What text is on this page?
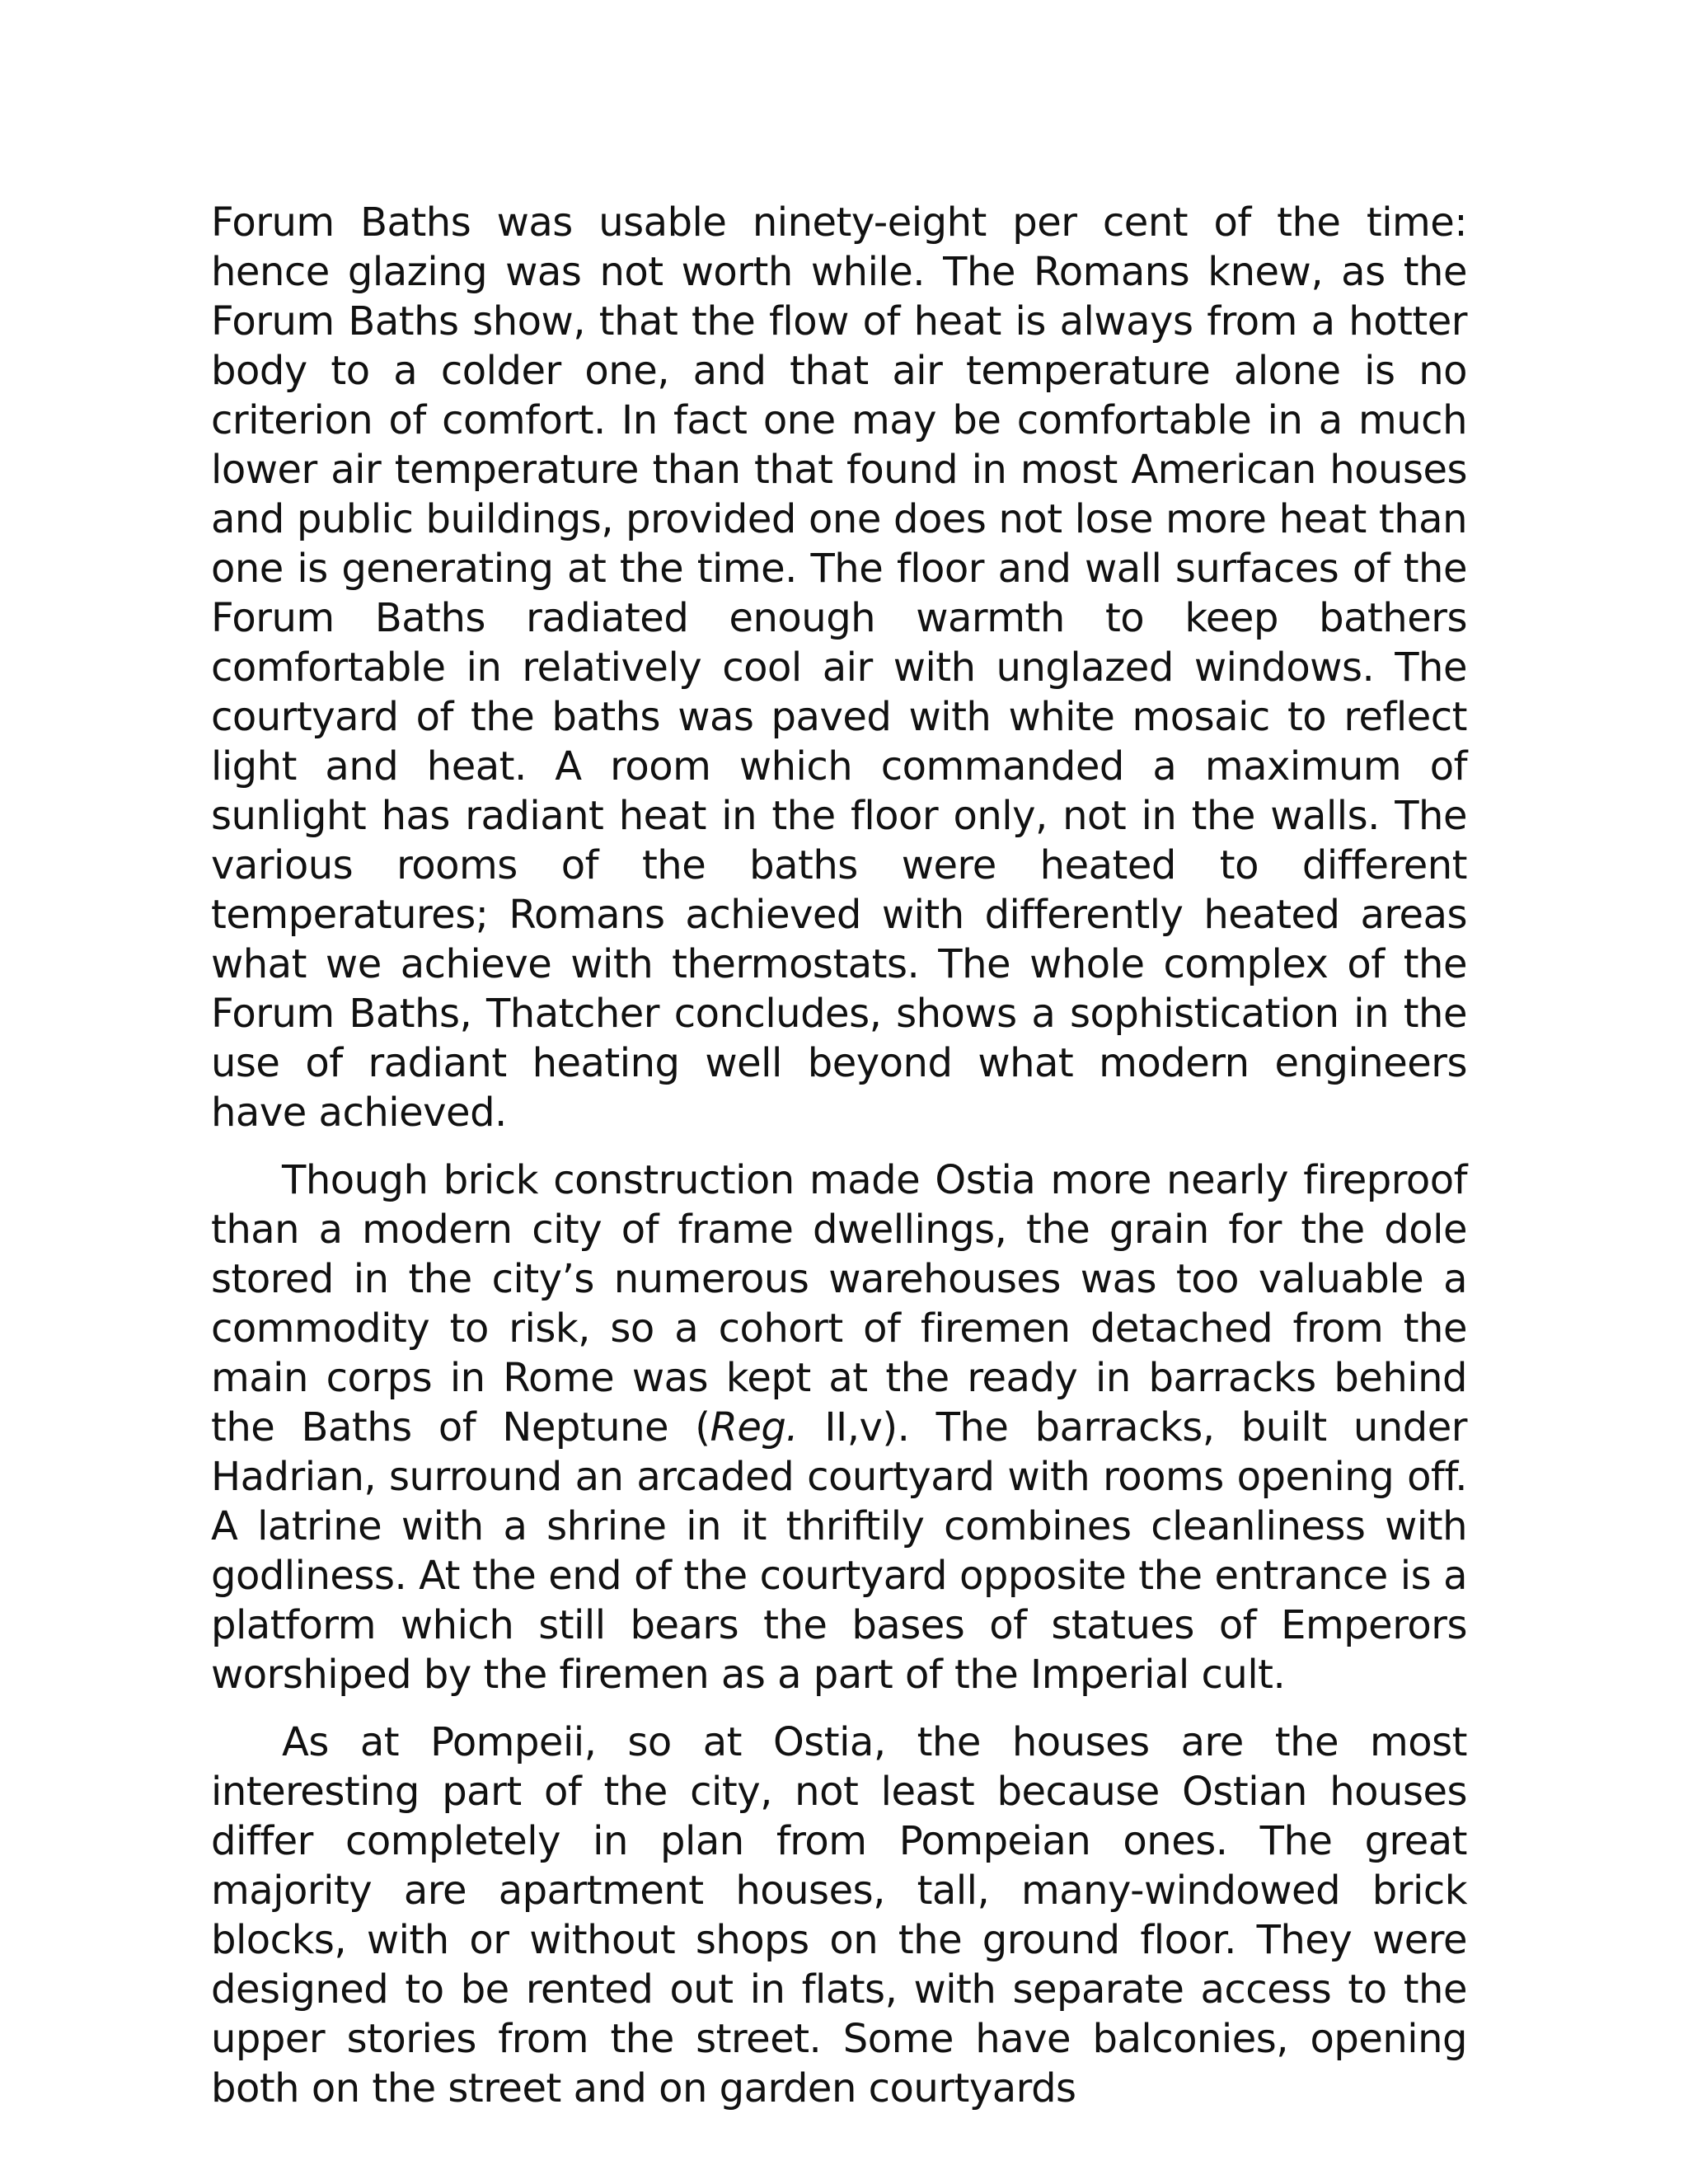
Forum Baths was usable ninety-eight per cent of the time: hence glazing was not worth while. The Romans knew, as the Forum Baths show, that the flow of heat is always from a hotter body to a colder one, and that air temperature alone is no criterion of comfort. In fact one may be comfortable in a much lower air temperature than that found in most American houses and public buildings, provided one does not lose more heat than one is generating at the time. The floor and wall surfaces of the Forum Baths radiated enough warmth to keep bathers comfortable in relatively cool air with unglazed windows. The courtyard of the baths was paved with white mosaic to reflect light and heat. A room which commanded a maximum of sunlight has radiant heat in the floor only, not in the walls. The various rooms of the baths were heated to different temperatures; Romans achieved with differently heated areas what we achieve with thermostats. The whole complex of the Forum Baths, Thatcher concludes, shows a sophistication in the use of radiant heating well beyond what modern engineers have achieved.

Though brick construction made Ostia more nearly fireproof than a modern city of frame dwellings, the grain for the dole stored in the city’s numerous warehouses was too valuable a commodity to risk, so a cohort of firemen detached from the main corps in Rome was kept at the ready in barracks behind the Baths of Neptune (Reg. II,v). The barracks, built under Hadrian, surround an arcaded courtyard with rooms opening off. A latrine with a shrine in it thriftily combines cleanliness with godliness. At the end of the courtyard opposite the entrance is a platform which still bears the bases of statues of Emperors worshiped by the firemen as a part of the Imperial cult.

As at Pompeii, so at Ostia, the houses are the most interesting part of the city, not least because Ostian houses differ completely in plan from Pompeian ones. The great majority are apartment houses, tall, many-windowed brick blocks, with or without shops on the ground floor. They were designed to be rented out in flats, with separate access to the upper stories from the street. Some have balconies, opening both on the street and on garden courtyards
